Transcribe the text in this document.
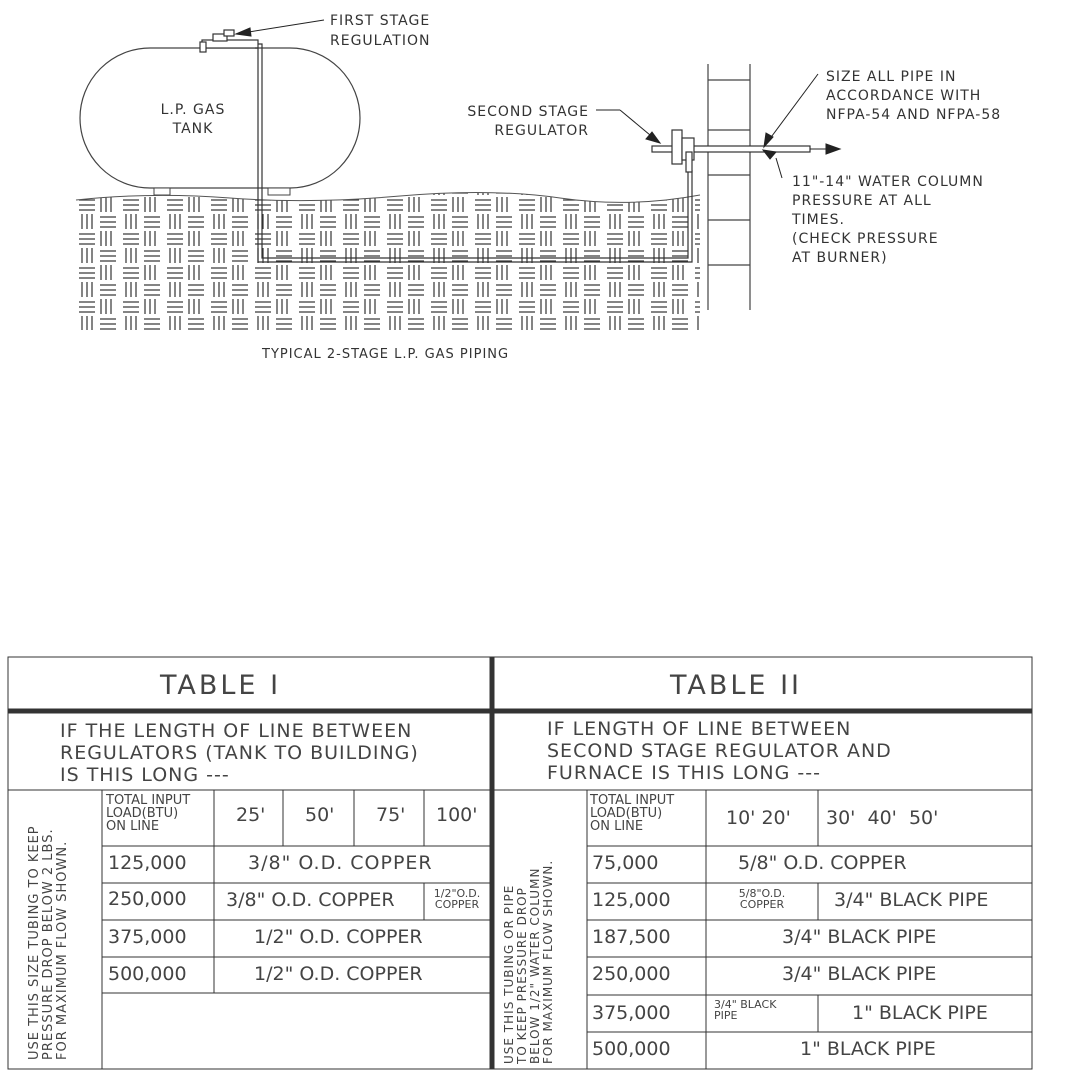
FIRST STAGE
REGULATION
L.P. GAS
TANK
SECOND STAGE
REGULATOR
SIZE ALL PIPE IN
ACCORDANCE WITH
NFPA-54 AND NFPA-58
11"-14" WATER COLUMN
PRESSURE AT ALL
TIMES.
(CHECK PRESSURE
AT BURNER)
TYPICAL 2-STAGE L.P. GAS PIPING
TABLE I
IF THE LENGTH OF LINE BETWEEN
REGULATORS (TANK TO BUILDING)
IS THIS LONG ---
USE THIS SIZE TUBING TO KEEP PRESSURE DROP BELOW 2 LBS. FOR MAXIMUM FLOW SHOWN.
TOTAL INPUT
LOAD(BTU)
ON LINE
25' 50' 75' 100'
125,000	3/8" O.D. COPPER
250,000 3/8" O.D. COPPER	1/2"O.D.
COPPER
375,000	1/2" O.D. COPPER
500,000	1/2" O.D. COPPER
TABLE II
IF LENGTH OF LINE BETWEEN
SECOND STAGE REGULATOR AND
FURNACE IS THIS LONG ---
USE THIS TUBING OR PIPE TO KEEP PRESSURE DROP BELOW 1/2" WATER COLUMN FOR MAXIMUM FLOW SHOWN.
TOTAL INPUT
LOAD(BTU)
ON LINE	10' 20' 30'  40'  50'
75,000	5/8" O.D. COPPER
125,000	5/8"O.D.
COPPER	3/4" BLACK PIPE
187,500	3/4" BLACK PIPE
250,000	3/4" BLACK PIPE
375,000	3/4" BLACK
PIPE	1" BLACK PIPE
500,000	1" BLACK PIPE
